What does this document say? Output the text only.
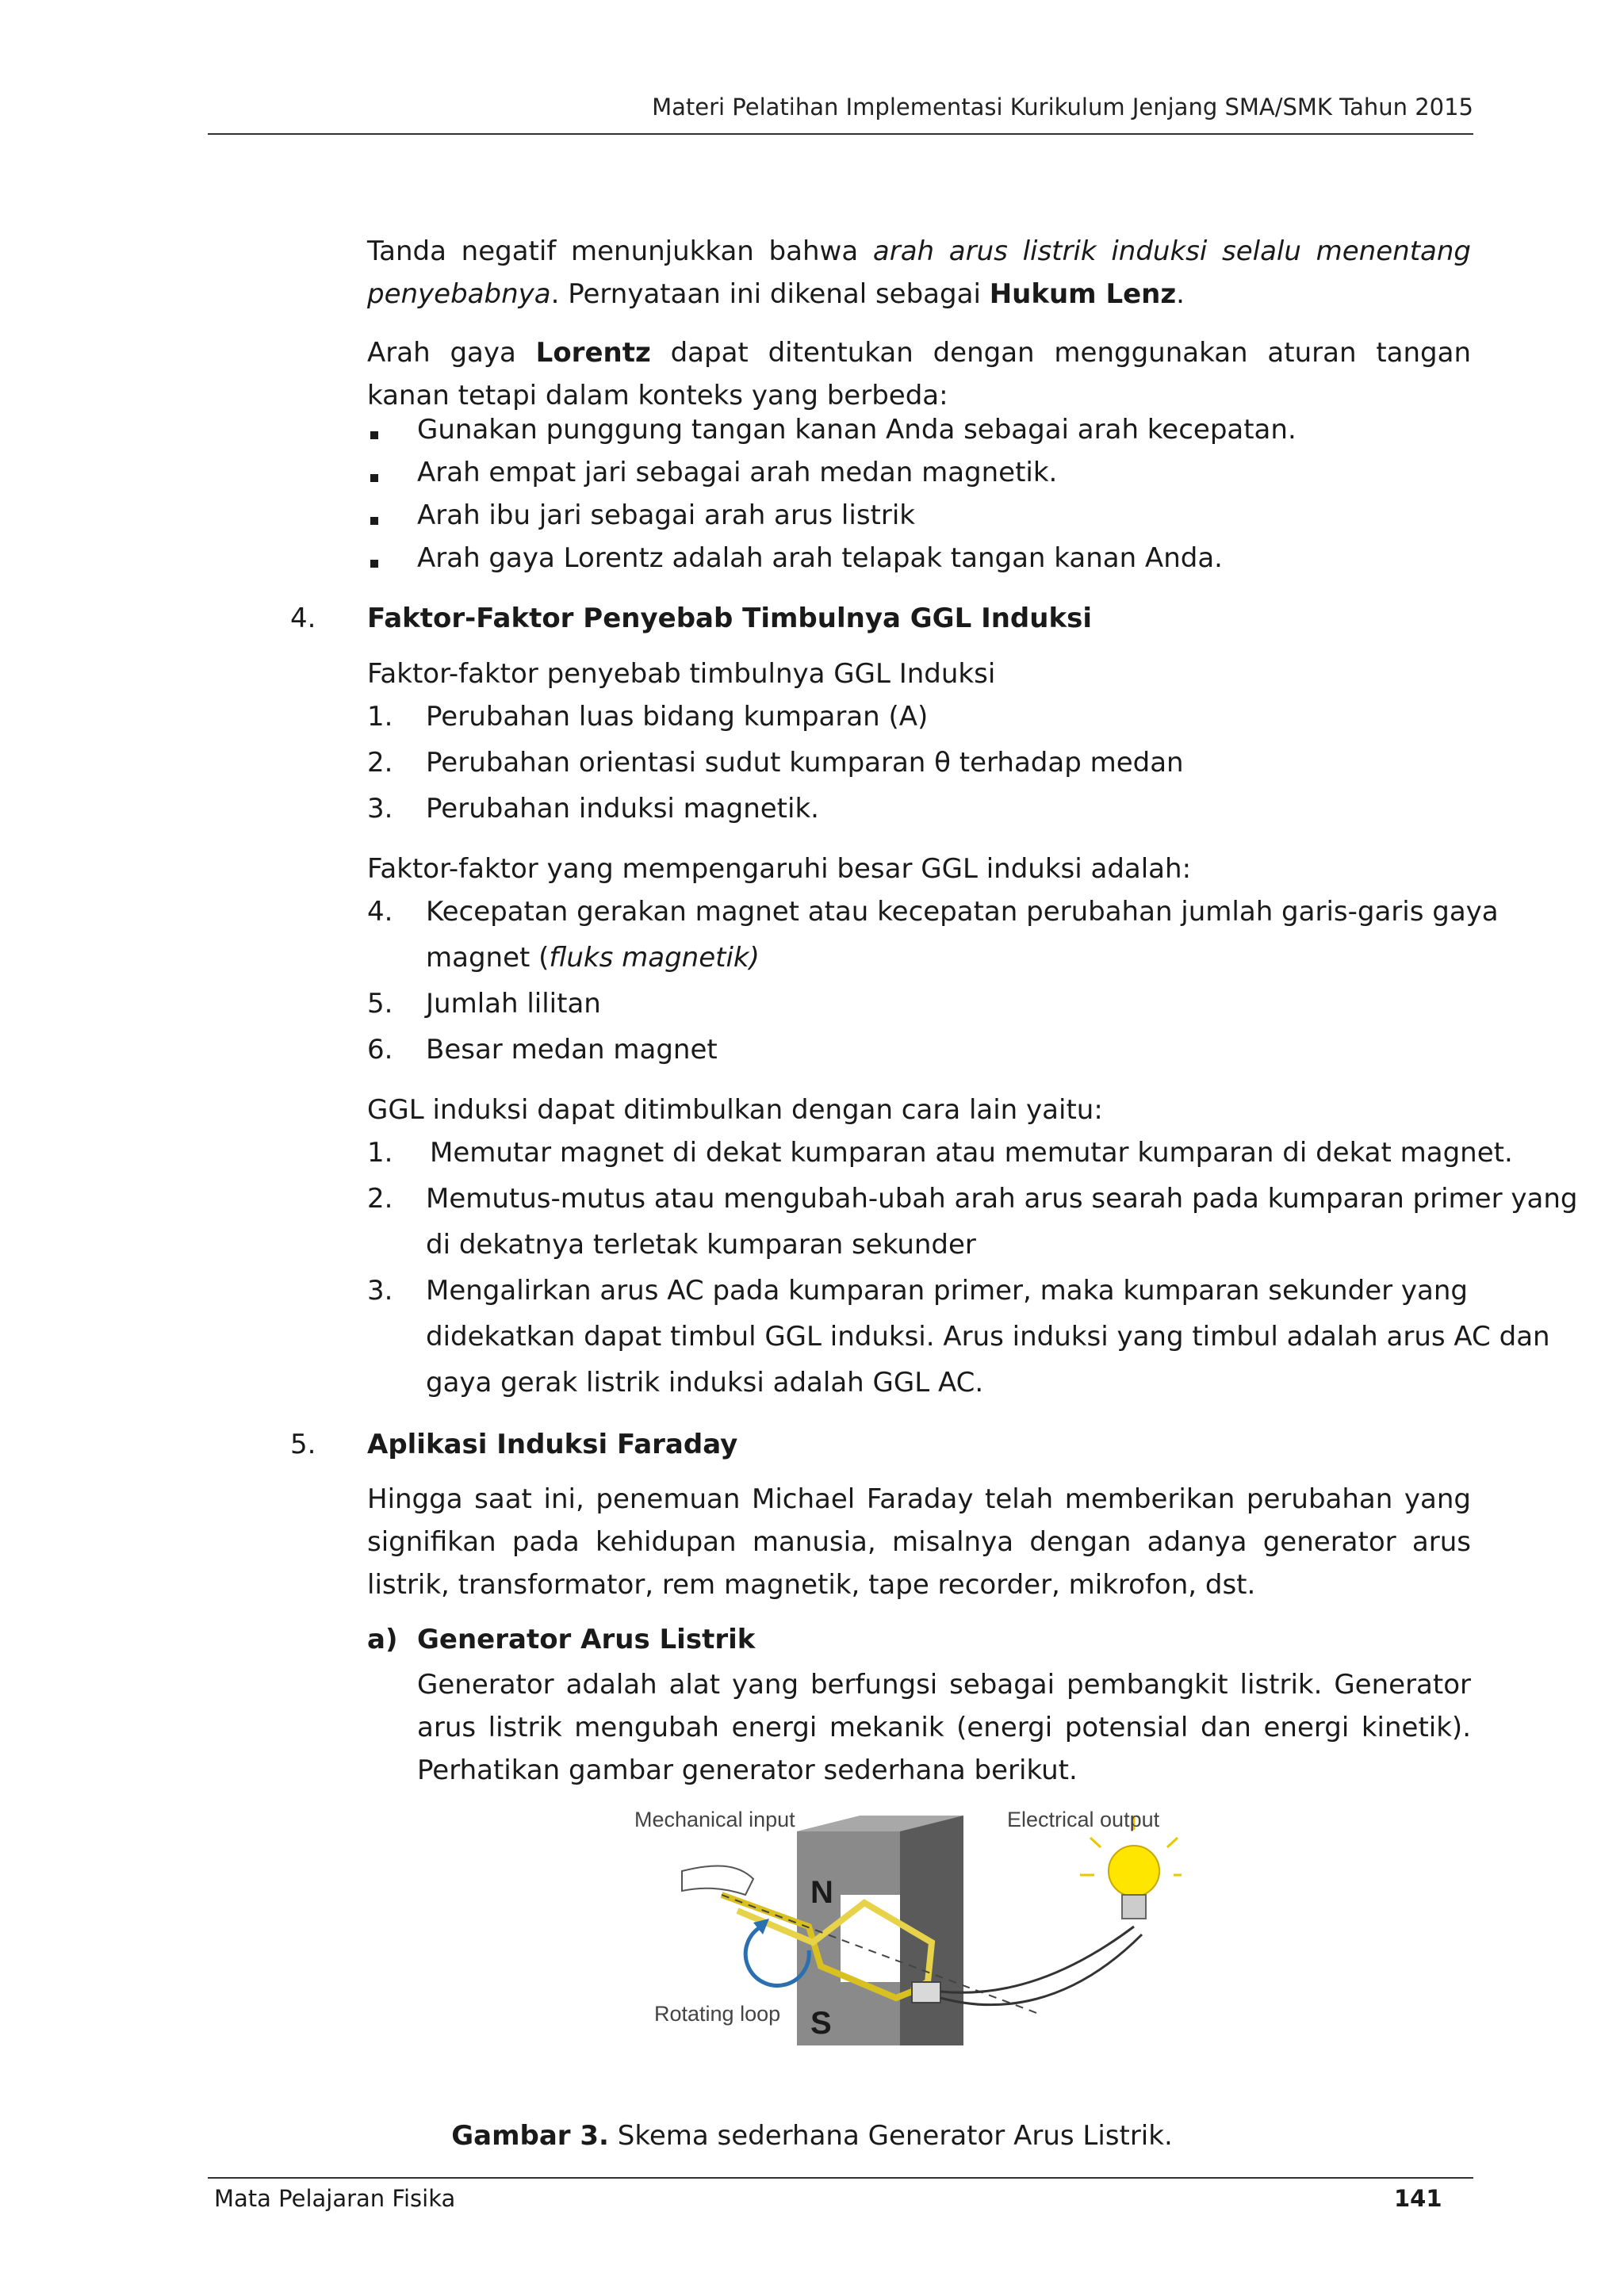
Materi Pelatihan Implementasi Kurikulum Jenjang SMA/SMK Tahun 2015
Tanda negatif menunjukkan bahwa arah arus listrik induksi selalu menentang penyebabnya. Pernyataan ini dikenal sebagai Hukum Lenz.
Arah gaya Lorentz dapat ditentukan dengan menggunakan aturan tangan kanan tetapi dalam konteks yang berbeda:
Gunakan punggung tangan kanan Anda sebagai arah kecepatan.
Arah empat jari sebagai arah medan magnetik.
Arah ibu jari sebagai arah arus listrik
Arah gaya Lorentz adalah arah telapak tangan kanan Anda.
4. Faktor-Faktor Penyebab Timbulnya GGL Induksi
Faktor-faktor penyebab timbulnya GGL Induksi
1. Perubahan luas bidang kumparan (A)
2. Perubahan orientasi sudut kumparan θ terhadap medan
3. Perubahan induksi magnetik.
Faktor-faktor yang mempengaruhi besar GGL induksi adalah:
4. Kecepatan gerakan magnet atau kecepatan perubahan jumlah garis-garis gaya
magnet (fluks magnetik)
5. Jumlah lilitan
6. Besar medan magnet
GGL induksi dapat ditimbulkan dengan cara lain yaitu:
1. Memutar magnet di dekat kumparan atau memutar kumparan di dekat magnet.
2. Memutus-mutus atau mengubah-ubah arah arus searah pada kumparan primer yang
di dekatnya terletak kumparan sekunder
3. Mengalirkan arus AC pada kumparan primer, maka kumparan sekunder yang
didekatkan dapat timbul GGL induksi. Arus induksi yang timbul adalah arus AC dan
gaya gerak listrik induksi adalah GGL AC.
5. Aplikasi Induksi Faraday
Hingga saat ini, penemuan Michael Faraday telah memberikan perubahan yang signifikan pada kehidupan manusia, misalnya dengan adanya generator arus listrik, transformator, rem magnetik, tape recorder, mikrofon, dst.
a) Generator Arus Listrik
Generator adalah alat yang berfungsi sebagai pembangkit listrik. Generator arus listrik mengubah energi mekanik (energi potensial dan energi kinetik). Perhatikan gambar generator sederhana berikut.
N
S
Mechanical input	Electrical output
Rotating loop
Gambar 3. Skema sederhana Generator Arus Listrik.
Mata Pelajaran Fisika	141
